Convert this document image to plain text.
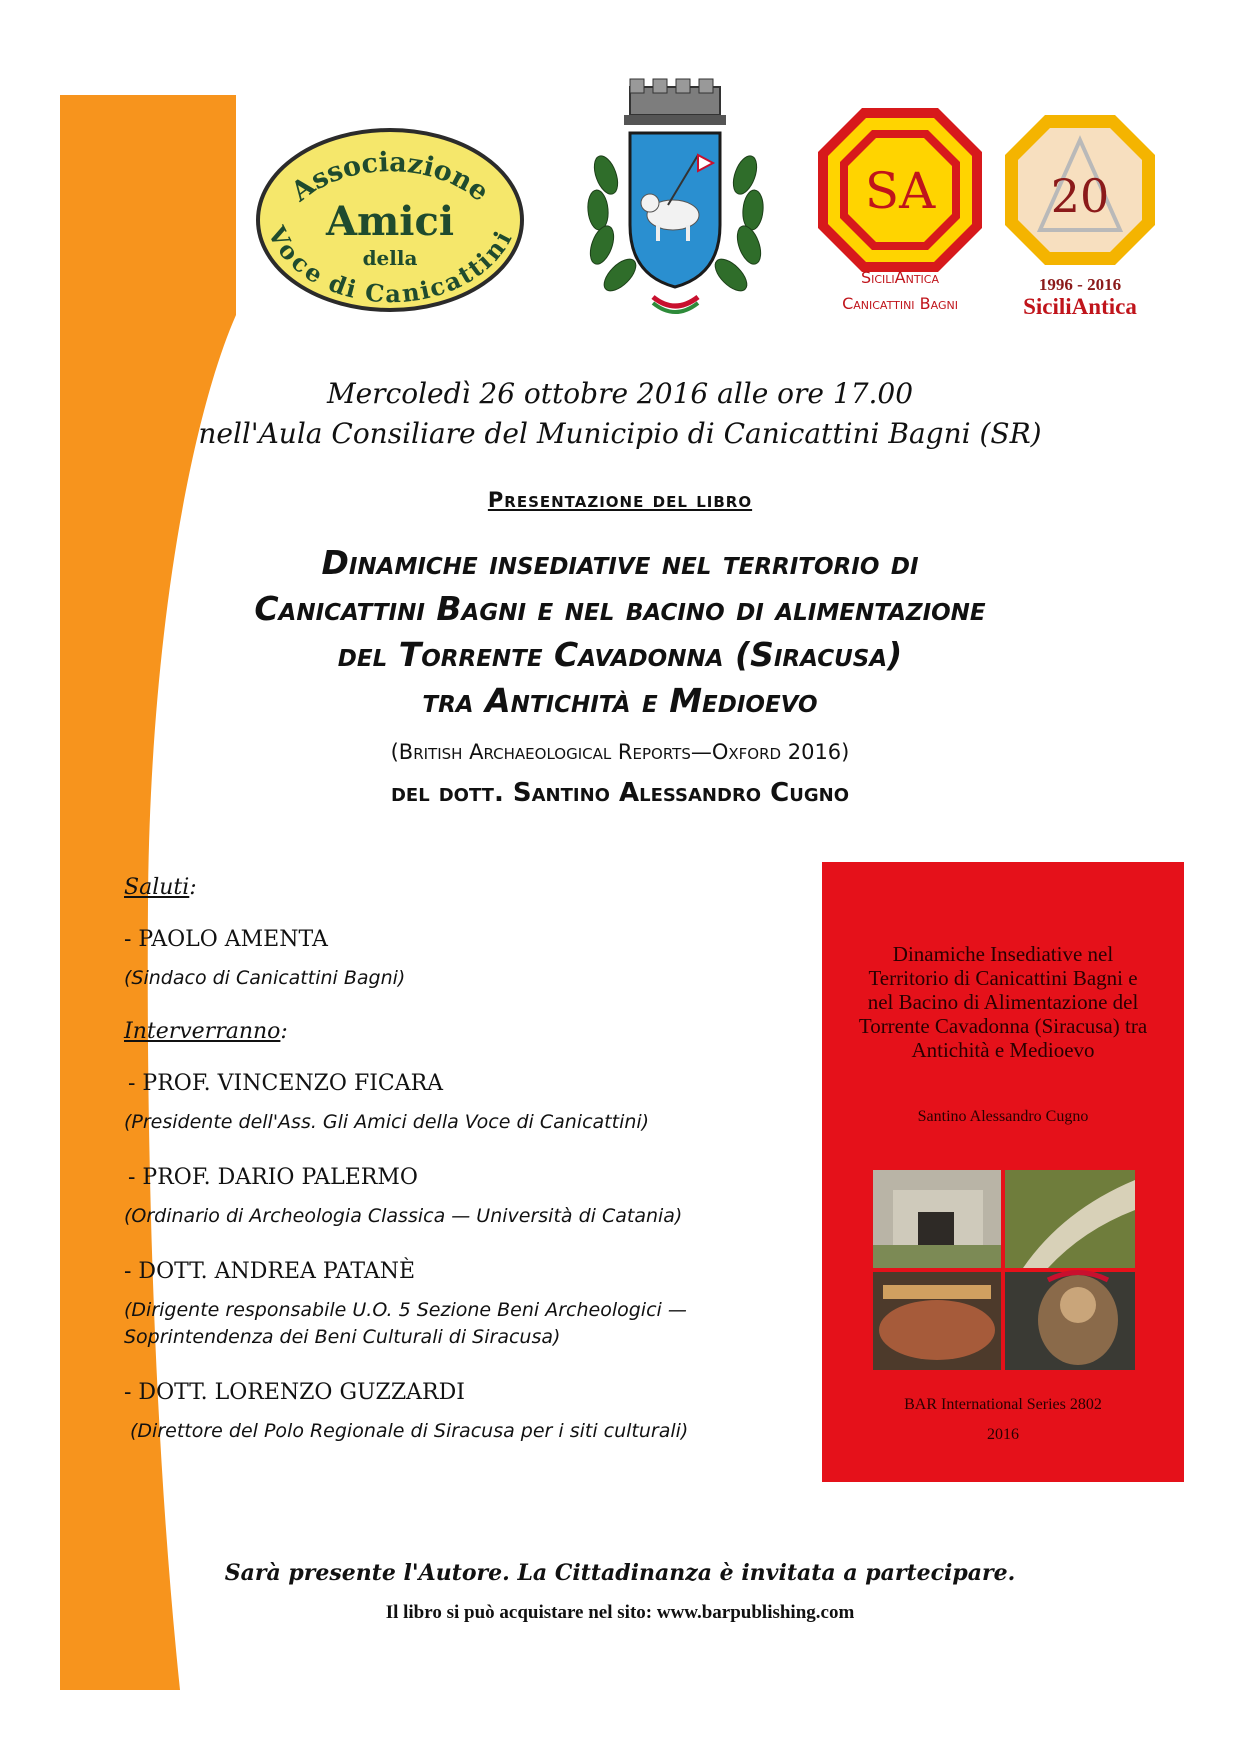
Associazione
Amici
della
Voce di Canicattini
SA
SiciliAntica
Canicattini Bagni
20
1996 - 2016
SiciliAntica
Mercoledì 26 ottobre 2016 alle ore 17.00
nell'Aula Consiliare del Municipio di Canicattini Bagni (SR)
Presentazione del libro
Dinamiche insediative nel territorio di
Canicattini Bagni e nel bacino di alimentazione
del Torrente Cavadonna (Siracusa)
tra Antichità e Medioevo
(British Archaeological Reports—Oxford 2016)
del dott. Santino Alessandro Cugno
Saluti:
- PAOLO AMENTA
(Sindaco di Canicattini Bagni)
Interverranno:
- PROF. VINCENZO FICARA
(Presidente dell'Ass. Gli Amici della Voce di Canicattini)
- PROF. DARIO PALERMO
(Ordinario di Archeologia Classica — Università di Catania)
- DOTT. ANDREA PATANÈ
(Dirigente responsabile U.O. 5 Sezione Beni Archeologici —
Soprintendenza dei Beni Culturali di Siracusa)
- DOTT. LORENZO GUZZARDI
(Direttore del Polo Regionale di Siracusa per i siti culturali)
Dinamiche Insediative nel
Territorio di Canicattini Bagni e
nel Bacino di Alimentazione del
Torrente Cavadonna (Siracusa) tra
Antichità e Medioevo
Santino Alessandro Cugno
BAR International Series 2802
2016
Sarà presente l'Autore. La Cittadinanza è invitata a partecipare.
Il libro si può acquistare nel sito: www.barpublishing.com
